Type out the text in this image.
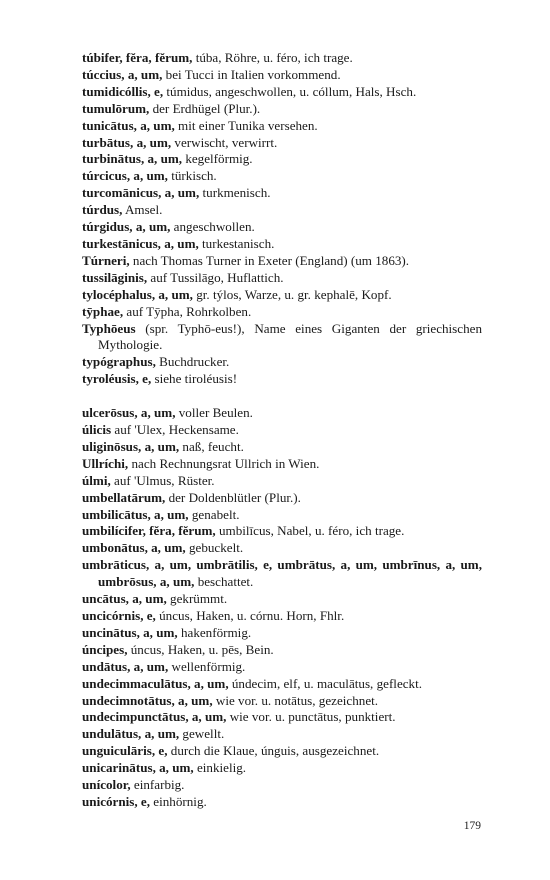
túbifer, fĕra, fĕrum, túba, Röhre, u. féro, ich trage.
túccius, a, um, bei Tucci in Italien vorkommend.
tumidicóllis, e, túmidus, angeschwollen, u. cóllum, Hals, Hsch.
tumulōrum, der Erdhügel (Plur.).
tunicātus, a, um, mit einer Tunika versehen.
turbātus, a, um, verwischt, verwirrt.
turbinātus, a, um, kegelförmig.
túrcicus, a, um, türkisch.
turcomānicus, a, um, turkmenisch.
túrdus, Amsel.
túrgidus, a, um, angeschwollen.
turkestānicus, a, um, turkestanisch.
Túrneri, nach Thomas Turner in Exeter (England) (um 1863).
tussilāginis, auf Tussilāgo, Huflattich.
tylocéphalus, a, um, gr. týlos, Warze, u. gr. kephalē, Kopf.
tȳphae, auf Tȳpha, Rohrkolben.
Typhōeus (spr. Typhō-eus!), Name eines Giganten der griechischen Mythologie.
typógraphus, Buchdrucker.
tyroléusis, e, siehe tiroléusis!
ulcerōsus, a, um, voller Beulen.
úlicis auf 'Ulex, Heckensame.
uliginōsus, a, um, naß, feucht.
Ullríchi, nach Rechnungsrat Ullrich in Wien.
úlmi, auf 'Ulmus, Rüster.
umbellatārum, der Doldenblütler (Plur.).
umbilicātus, a, um, genabelt.
umbilícifer, fĕra, fĕrum, umbilīcus, Nabel, u. féro, ich trage.
umbonātus, a, um, gebuckelt.
umbrāticus, a, um, umbrātilis, e, umbrātus, a, um, umbrīnus, a, um, umbrōsus, a, um, beschattet.
uncātus, a, um, gekrümmt.
uncicórnis, e, úncus, Haken, u. córnu. Horn, Fhlr.
uncinātus, a, um, hakenförmig.
úncipes, úncus, Haken, u. pēs, Bein.
undātus, a, um, wellenförmig.
undecimmaculātus, a, um, úndecim, elf, u. maculātus, gefleckt.
undecimnotātus, a, um, wie vor. u. notātus, gezeichnet.
undecimpunctātus, a, um, wie vor. u. punctātus, punktiert.
undulātus, a, um, gewellt.
unguiculāris, e, durch die Klaue, únguis, ausgezeichnet.
unicarinātus, a, um, einkielig.
unícolor, einfarbig.
unicórnis, e, einhörnig.
179
